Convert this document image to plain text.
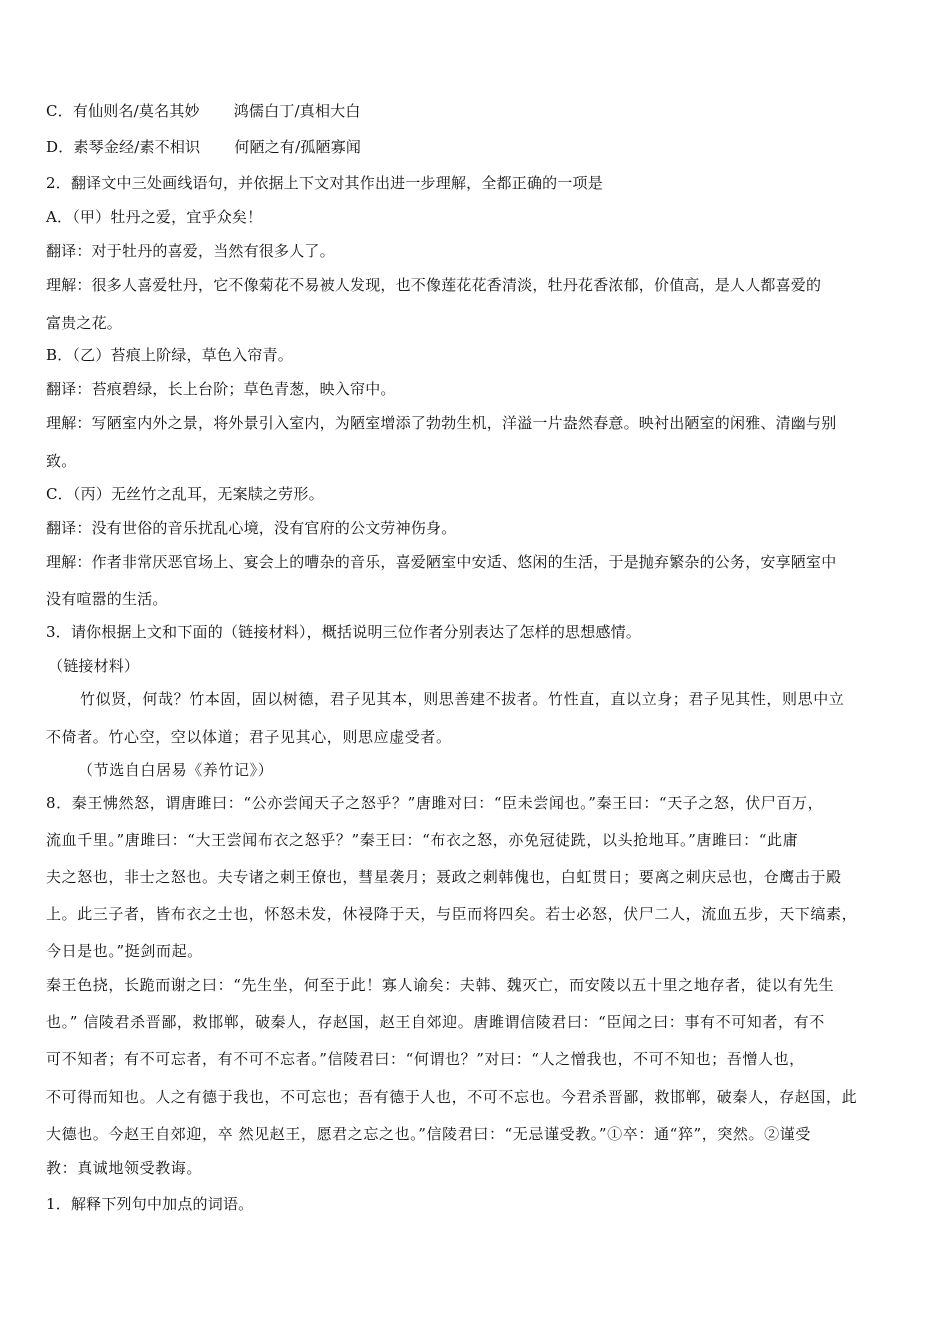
C．有仙则名/莫名其妙 鸿儒白丁/真相大白
D．素琴金经/素不相识 何陋之有/孤陋寡闻
2．翻译文中三处画线语句，并依据上下文对其作出进一步理解，全都正确的一项是
A．（甲）牡丹之爱，宜乎众矣！
翻译：对于牡丹的喜爱，当然有很多人了。
理解：很多人喜爱牡丹，它不像菊花不易被人发现，也不像莲花花香清淡，牡丹花香浓郁，价值高，是人人都喜爱的
富贵之花。
B．（乙）苔痕上阶绿，草色入帘青。
翻译：苔痕碧绿，长上台阶；草色青葱，映入帘中。
理解：写陋室内外之景，将外景引入室内，为陋室增添了勃勃生机，洋溢一片盎然春意。映衬出陋室的闲雅、清幽与别
致。
C．（丙）无丝竹之乱耳，无案牍之劳形。
翻译：没有世俗的音乐扰乱心境，没有官府的公文劳神伤身。
理解：作者非常厌恶官场上、宴会上的嘈杂的音乐，喜爱陋室中安适、悠闲的生活，于是抛弃繁杂的公务，安享陋室中
没有喧嚣的生活。
3．请你根据上文和下面的（链接材料），概括说明三位作者分别表达了怎样的思想感情。
（链接材料）
竹似贤，何哉？竹本固，固以树德，君子见其本，则思善建不拔者。竹性直，直以立身；君子见其性，则思中立
不倚者。竹心空，空以体道；君子见其心，则思应虚受者。
（节选自白居易《养竹记》）
8．秦王怫然怒，谓唐雎曰：“公亦尝闻天子之怒乎？”唐雎对曰：“臣未尝闻也。”秦王曰：“天子之怒，伏尸百万，
流血千里。”唐雎曰：“大王尝闻布衣之怒乎？”秦王曰：“布衣之怒，亦免冠徒跣，以头抢地耳。”唐雎曰：“此庸
夫之怒也，非士之怒也。夫专诸之刺王僚也，彗星袭月；聂政之刺韩傀也，白虹贯日；要离之刺庆忌也，仓鹰击于殿
上。此三子者，皆布衣之士也，怀怒未发，休祲降于天，与臣而将四矣。若士必怒，伏尸二人，流血五步，天下缟素，
今日是也。”挺剑而起。
秦王色挠，长跪而谢之曰：“先生坐，何至于此！寡人谕矣：夫韩、魏灭亡，而安陵以五十里之地存者，徒以有先生
也。” 信陵君杀晋鄙，救邯郸，破秦人，存赵国，赵王自郊迎。唐雎谓信陵君曰：“臣闻之曰：事有不可知者，有不
可不知者；有不可忘者，有不可不忘者。”信陵君曰：“何谓也？”对曰：“人之憎我也，不可不知也；吾憎人也，
不可得而知也。人之有德于我也，不可忘也；吾有德于人也，不可不忘也。今君杀晋鄙，救邯郸，破秦人，存赵国，此
大德也。今赵王自郊迎，卒 然见赵王，愿君之忘之也。”信陵君曰：“无忌谨受教。”①卒：通“猝”，突然。②谨受
教：真诚地领受教诲。
1．解释下列句中加点的词语。
